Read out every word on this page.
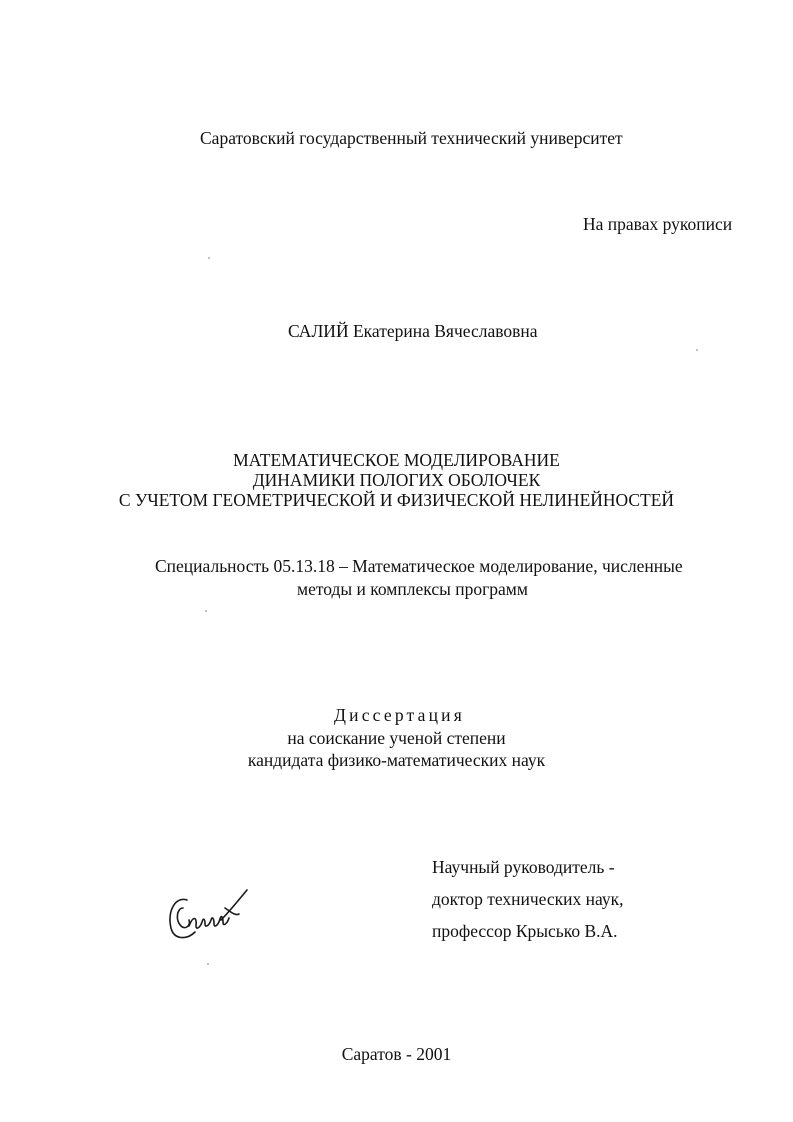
Саратовский государственный технический университет
На правах рукописи
САЛИЙ Екатерина Вячеславовна
МАТЕМАТИЧЕСКОЕ МОДЕЛИРОВАНИЕ
ДИНАМИКИ ПОЛОГИХ ОБОЛОЧЕК
С УЧЕТОМ ГЕОМЕТРИЧЕСКОЙ И ФИЗИЧЕСКОЙ НЕЛИНЕЙНОСТЕЙ
Специальность 05.13.18 – Математическое моделирование, численные
методы и комплексы программ
Диссертация
на соискание ученой степени
кандидата физико-математических наук
Научный руководитель -
доктор технических наук,
профессор Крысько В.А.
Саратов - 2001
